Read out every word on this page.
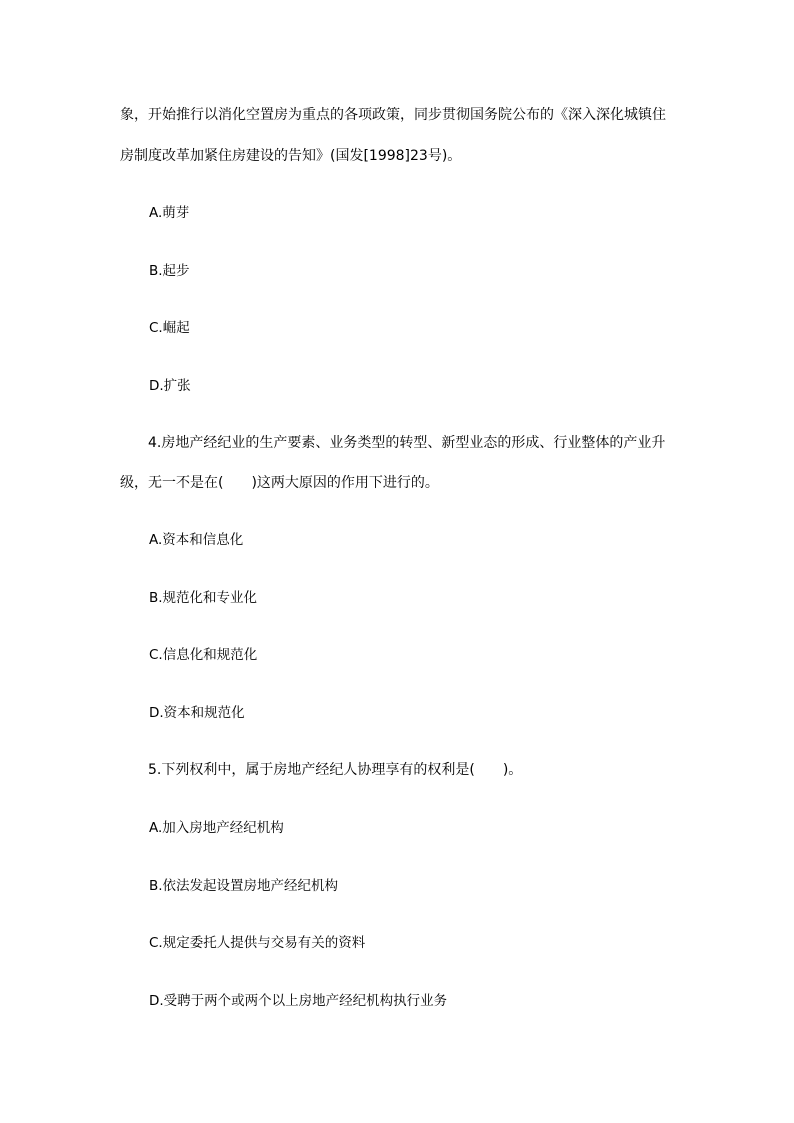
象，开始推行以消化空置房为重点的各项政策，同步贯彻国务院公布的《深入深化城镇住
房制度改革加紧住房建设的告知》(国发[1998]23号)。
A.萌芽
B.起步
C.崛起
D.扩张
4.房地产经纪业的生产要素、业务类型的转型、新型业态的形成、行业整体的产业升
级，无一不是在(　　)这两大原因的作用下进行的。
A.资本和信息化
B.规范化和专业化
C.信息化和规范化
D.资本和规范化
5.下列权利中，属于房地产经纪人协理享有的权利是(　　)。
A.加入房地产经纪机构
B.依法发起设置房地产经纪机构
C.规定委托人提供与交易有关的资料
D.受聘于两个或两个以上房地产经纪机构执行业务
